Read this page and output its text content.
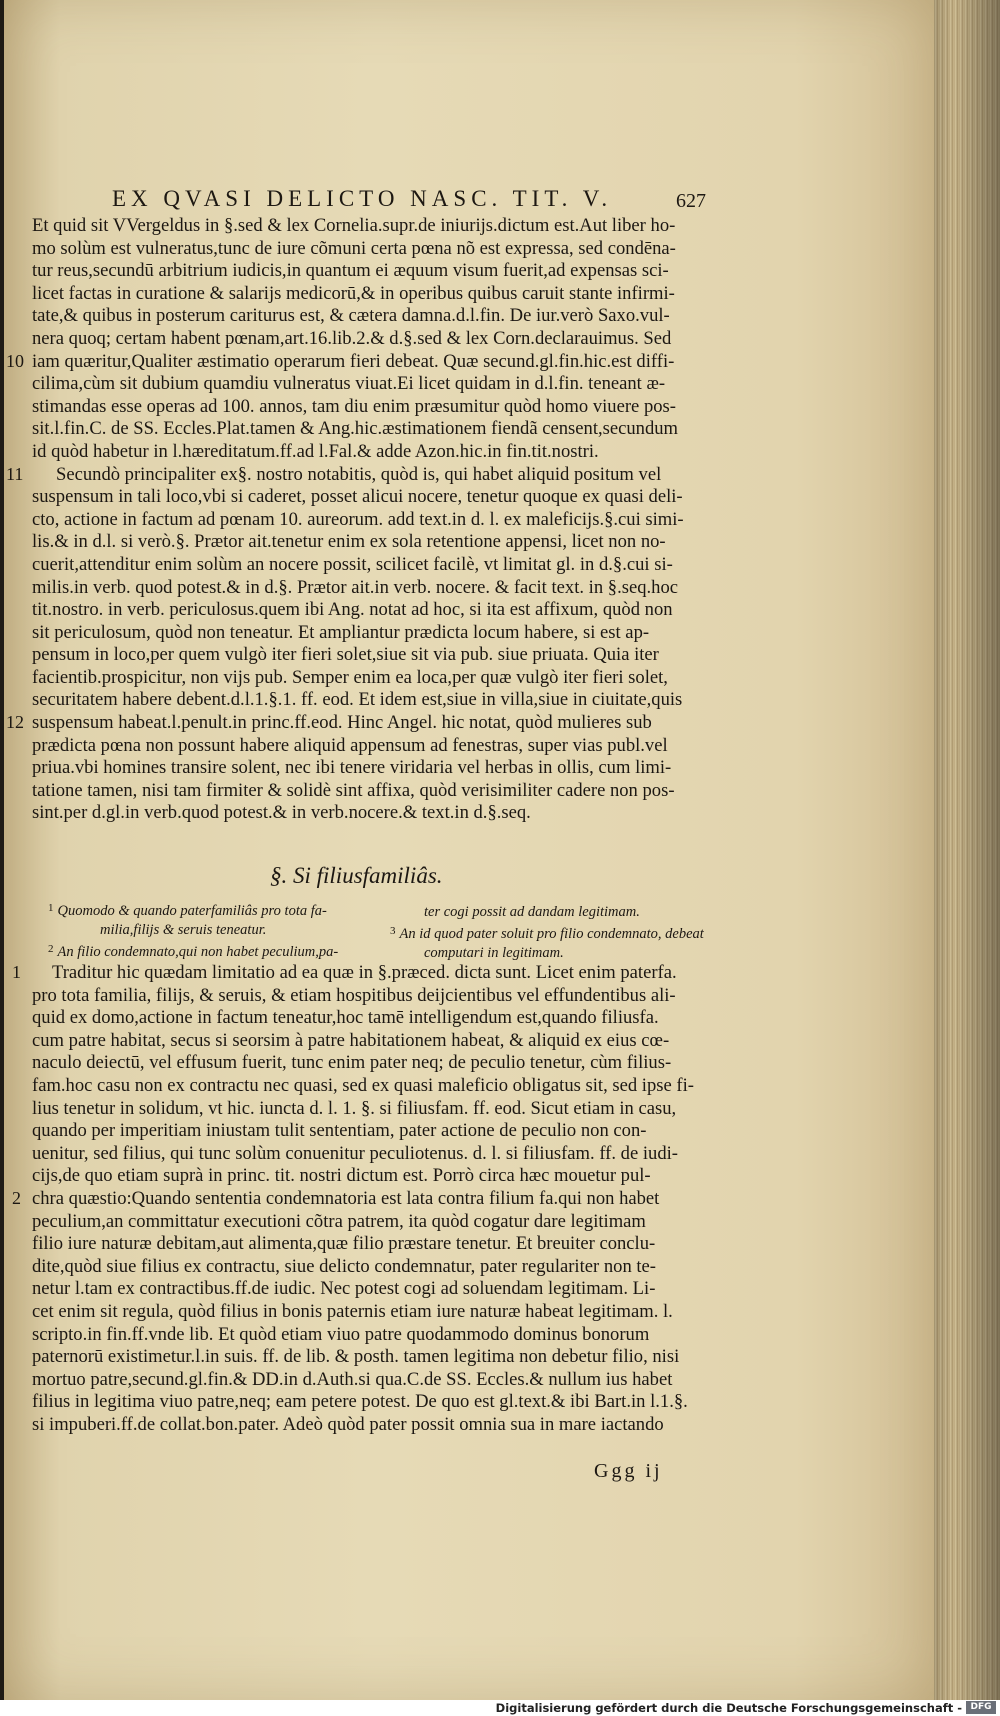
EX QVASI DELICTO NASC. TIT. V.	627
Et quid sit VVergeldus in §.sed & lex Cornelia.supr.de iniurijs.dictum est.Aut liber ho-
mo solùm est vulneratus,tunc de iure cõmuni certa pœna nõ est expressa, sed condēna-
tur reus,secundū arbitrium iudicis,in quantum ei æquum visum fuerit,ad expensas sci-
licet factas in curatione & salarijs medicorū,& in operibus quibus caruit stante infirmi-
tate,& quibus in posterum cariturus est, & cætera damna.d.l.fin. De iur.verò Saxo.vul-
nera quoq; certam habent pœnam,art.16.lib.2.& d.§.sed & lex Corn.declarauimus. Sed
iam quæritur,Qualiter æstimatio operarum fieri debeat. Quæ secund.gl.fin.hic.est diffi-
cilima,cùm sit dubium quamdiu vulneratus viuat.Ei licet quidam in d.l.fin. teneant æ-
stimandas esse operas ad 100. annos, tam diu enim præsumitur quòd homo viuere pos-
sit.l.fin.C. de SS. Eccles.Plat.tamen & Ang.hic.æstimationem fiendã censent,secundum
id quòd habetur in l.hæreditatum.ff.ad l.Fal.& adde Azon.hic.in fin.tit.nostri.
Secundò principaliter ex§. nostro notabitis, quòd is, qui habet aliquid positum vel
suspensum in tali loco,vbi si caderet, posset alicui nocere, tenetur quoque ex quasi deli-
cto, actione in factum ad pœnam 10. aureorum. add text.in d. l. ex maleficijs.§.cui simi-
lis.& in d.l. si verò.§. Prætor ait.tenetur enim ex sola retentione appensi, licet non no-
cuerit,attenditur enim solùm an nocere possit, scilicet facilè, vt limitat gl. in d.§.cui si-
milis.in verb. quod potest.& in d.§. Prætor ait.in verb. nocere. & facit text. in §.seq.hoc
tit.nostro. in verb. periculosus.quem ibi Ang. notat ad hoc, si ita est affixum, quòd non
sit periculosum, quòd non teneatur. Et ampliantur prædicta locum habere, si est ap-
pensum in loco,per quem vulgò iter fieri solet,siue sit via pub. siue priuata. Quia iter
facientib.prospicitur, non vijs pub. Semper enim ea loca,per quæ vulgò iter fieri solet,
securitatem habere debent.d.l.1.§.1. ff. eod. Et idem est,siue in villa,siue in ciuitate,quis
suspensum habeat.l.penult.in princ.ff.eod. Hinc Angel. hic notat, quòd mulieres sub
prædicta pœna non possunt habere aliquid appensum ad fenestras, super vias publ.vel
priua.vbi homines transire solent, nec ibi tenere viridaria vel herbas in ollis, cum limi-
tatione tamen, nisi tam firmiter & solidè sint affixa, quòd verisimiliter cadere non pos-
sint.per d.gl.in verb.quod potest.& in verb.nocere.& text.in d.§.seq.
10
11
12
§. Si filiusfamiliâs.
$^1$ Quomodo & quando paterfamiliâs pro tota fa-
milia,filijs & seruis teneatur.
$^2$ An filio condemnato,qui non habet peculium,pa-
ter cogi possit ad dandam legitimam.
$^3$ An id quod pater soluit pro filio condemnato, debeat
computari in legitimam.
Traditur hic quædam limitatio ad ea quæ in §.præced. dicta sunt. Licet enim paterfa.
pro tota familia, filijs, & seruis, & etiam hospitibus deijcientibus vel effundentibus ali-
quid ex domo,actione in factum teneatur,hoc tamē intelligendum est,quando filiusfa.
cum patre habitat, secus si seorsim à patre habitationem habeat, & aliquid ex eius cœ-
naculo deiectū, vel effusum fuerit, tunc enim pater neq; de peculio tenetur, cùm filius-
fam.hoc casu non ex contractu nec quasi, sed ex quasi maleficio obligatus sit, sed ipse fi-
lius tenetur in solidum, vt hic. iuncta d. l. 1. §. si filiusfam. ff. eod. Sicut etiam in casu,
quando per imperitiam iniustam tulit sententiam, pater actione de peculio non con-
uenitur, sed filius, qui tunc solùm conuenitur peculiotenus. d. l. si filiusfam. ff. de iudi-
cijs,de quo etiam suprà in princ. tit. nostri dictum est. Porrò circa hæc mouetur pul-
chra quæstio:Quando sententia condemnatoria est lata contra filium fa.qui non habet
peculium,an committatur executioni cõtra patrem, ita quòd cogatur dare legitimam
filio iure naturæ debitam,aut alimenta,quæ filio præstare tenetur. Et breuiter conclu-
dite,quòd siue filius ex contractu, siue delicto condemnatur, pater regulariter non te-
netur l.tam ex contractibus.ff.de iudic. Nec potest cogi ad soluendam legitimam. Li-
cet enim sit regula, quòd filius in bonis paternis etiam iure naturæ habeat legitimam. l.
scripto.in fin.ff.vnde lib. Et quòd etiam viuo patre quodammodo dominus bonorum
paternorū existimetur.l.in suis. ff. de lib. & posth. tamen legitima non debetur filio, nisi
mortuo patre,secund.gl.fin.& DD.in d.Auth.si qua.C.de SS. Eccles.& nullum ius habet
filius in legitima viuo patre,neq; eam petere potest. De quo est gl.text.& ibi Bart.in l.1.§.
si impuberi.ff.de collat.bon.pater. Adeò quòd pater possit omnia sua in mare iactando
1
2
Ggg ij
Digitalisierung gefördert durch die Deutsche Forschungsgemeinschaft - DFG
